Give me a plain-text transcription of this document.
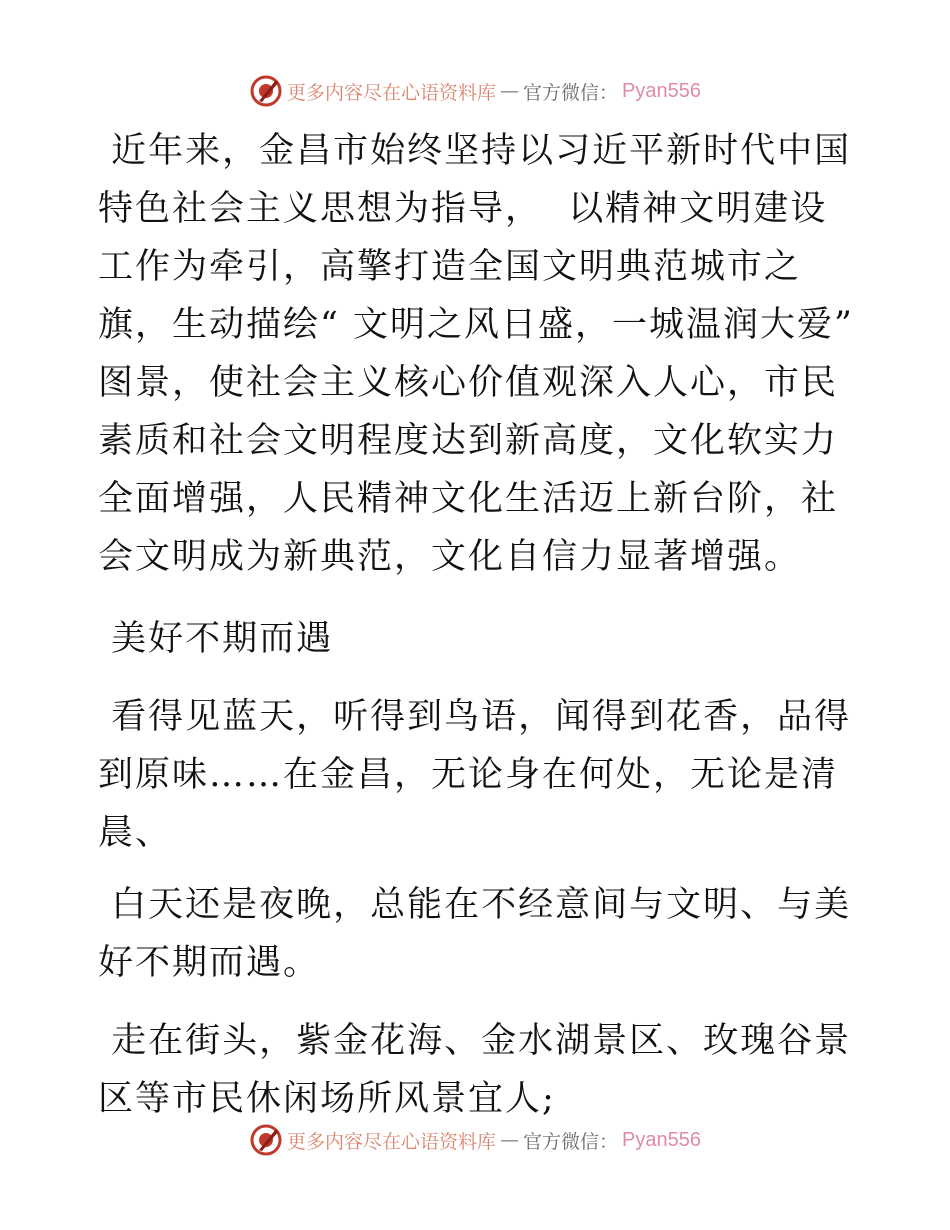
更多内容尽在心语资料库 — 官方微信： Pyan556

近年来，金昌市始终坚持以习近平新时代中国特色社会主义思想为指导，  以精神文明建设工作为牵引，高擎打造全国文明典范城市之旗，生动描绘“ 文明之风日盛，一城温润大爱”  图景，使社会主义核心价值观深入人心，市民素质和社会文明程度达到新高度，文化软实力全面增强，人民精神文化生活迈上新台阶，社会文明成为新典范，文化自信力显著增强。

美好不期而遇

看得见蓝天，听得到鸟语，闻得到花香，品得到原味……在金昌，无论身在何处，无论是清晨、

白天还是夜晚，总能在不经意间与文明、与美好不期而遇。

走在街头，紫金花海、金水湖景区、玫瑰谷景区等市民休闲场所风景宜人;

更多内容尽在心语资料库 — 官方微信： Pyan556
